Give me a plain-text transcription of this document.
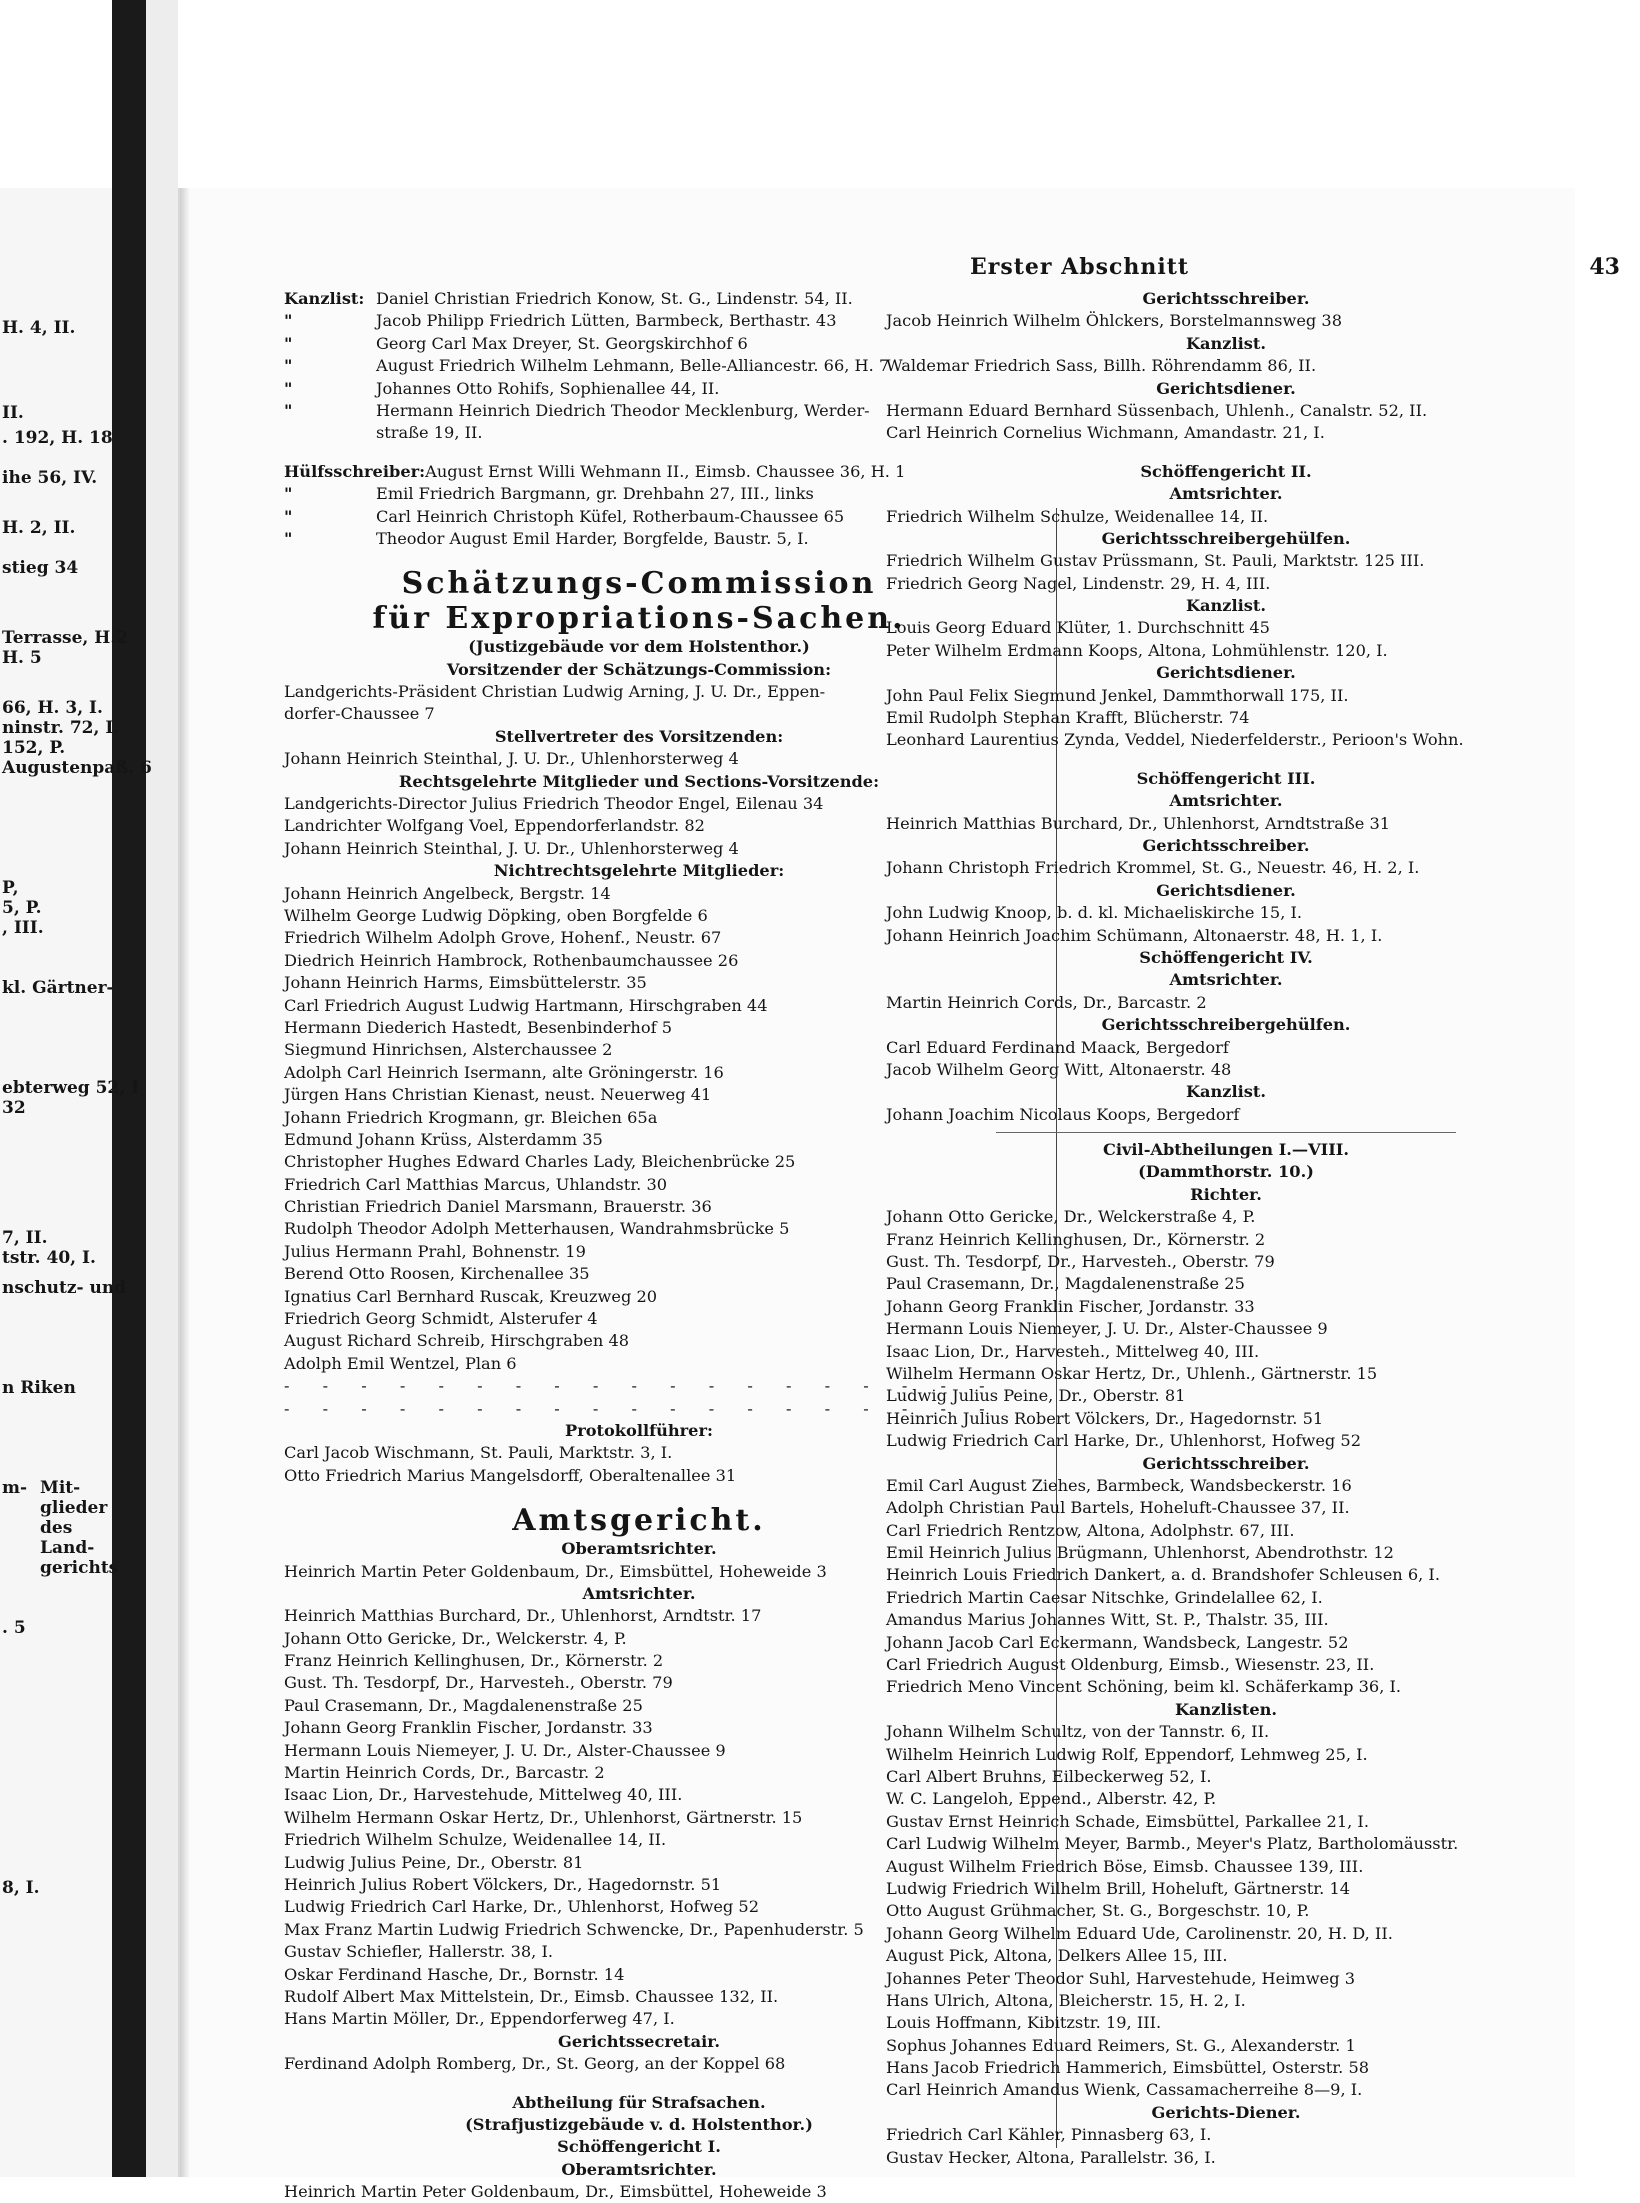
H. 4, II.
II.
. 192, H. 18
ihe 56, IV.
H. 2, II.
stieg 34
Terrasse, H.2
H. 5
66, H. 3, I.
ninstr. 72, I.
152, P.
Augustenpaß. 6
P,
5, P.
, III.
kl. Gärtner-
ebterweg 52, I
32
7, II.
tstr. 40, I.
nschutz- und
n Riken
m- Mit-
glieder
des
Land-
gerichts
. 5
8, I.
Erster Abschnitt	43
Kanzlist: Daniel Christian Friedrich Konow, St. G., Lindenstr. 54, II.
"	Jacob Philipp Friedrich Lütten, Barmbeck, Berthastr. 43
"	Georg Carl Max Dreyer, St. Georgskirchhof 6
"	August Friedrich Wilhelm Lehmann, Belle-Alliancestr. 66, H. 7
"	Johannes Otto Rohifs, Sophienallee 44, II.
"	Hermann Heinrich Diedrich Theodor Mecklenburg, Werder-
straße 19, II.
Hülfsschreiber:August Ernst Willi Wehmann II., Eimsb. Chaussee 36, H. 1
"	Emil Friedrich Bargmann, gr. Drehbahn 27, III., links
"	Carl Heinrich Christoph Küfel, Rotherbaum-Chaussee 65
"	Theodor August Emil Harder, Borgfelde, Baustr. 5, I.
Schätzungs-Commission
für Expropriations-Sachen.
(Justizgebäude vor dem Holstenthor.)
Vorsitzender der Schätzungs-Commission:
Landgerichts-Präsident Christian Ludwig Arning, J. U. Dr., Eppen-
dorfer-Chaussee 7
Stellvertreter des Vorsitzenden:
Johann Heinrich Steinthal, J. U. Dr., Uhlenhorsterweg 4
Rechtsgelehrte Mitglieder und Sections-Vorsitzende:
Landgerichts-Director Julius Friedrich Theodor Engel, Eilenau 34
Landrichter Wolfgang Voel, Eppendorferlandstr. 82
Johann Heinrich Steinthal, J. U. Dr., Uhlenhorsterweg 4
Nichtrechtsgelehrte Mitglieder:
Johann Heinrich Angelbeck, Bergstr. 14
Wilhelm George Ludwig Döpking, oben Borgfelde 6
Friedrich Wilhelm Adolph Grove, Hohenf., Neustr. 67
Diedrich Heinrich Hambrock, Rothenbaumchaussee 26
Johann Heinrich Harms, Eimsbüttelerstr. 35
Carl Friedrich August Ludwig Hartmann, Hirschgraben 44
Hermann Diederich Hastedt, Besenbinderhof 5
Siegmund Hinrichsen, Alsterchaussee 2
Adolph Carl Heinrich Isermann, alte Gröningerstr. 16
Jürgen Hans Christian Kienast, neust. Neuerweg 41
Johann Friedrich Krogmann, gr. Bleichen 65a
Edmund Johann Krüss, Alsterdamm 35
Christopher Hughes Edward Charles Lady, Bleichenbrücke 25
Friedrich Carl Matthias Marcus, Uhlandstr. 30
Christian Friedrich Daniel Marsmann, Brauerstr. 36
Rudolph Theodor Adolph Metterhausen, Wandrahmsbrücke 5
Julius Hermann Prahl, Bohnenstr. 19
Berend Otto Roosen, Kirchenallee 35
Ignatius Carl Bernhard Ruscak, Kreuzweg 20
Friedrich Georg Schmidt, Alsterufer 4
August Richard Schreib, Hirschgraben 48
Adolph Emil Wentzel, Plan 6
- - - - - - - - - - - - - - - - - - -
- - - - - - - - - - - - - - - - - - -
Protokollführer:
Carl Jacob Wischmann, St. Pauli, Marktstr. 3, I.
Otto Friedrich Marius Mangelsdorff, Oberaltenallee 31
Amtsgericht.
Oberamtsrichter.
Heinrich Martin Peter Goldenbaum, Dr., Eimsbüttel, Hoheweide 3
Amtsrichter.
Heinrich Matthias Burchard, Dr., Uhlenhorst, Arndtstr. 17
Johann Otto Gericke, Dr., Welckerstr. 4, P.
Franz Heinrich Kellinghusen, Dr., Körnerstr. 2
Gust. Th. Tesdorpf, Dr., Harvesteh., Oberstr. 79
Paul Crasemann, Dr., Magdalenenstraße 25
Johann Georg Franklin Fischer, Jordanstr. 33
Hermann Louis Niemeyer, J. U. Dr., Alster-Chaussee 9
Martin Heinrich Cords, Dr., Barcastr. 2
Isaac Lion, Dr., Harvestehude, Mittelweg 40, III.
Wilhelm Hermann Oskar Hertz, Dr., Uhlenhorst, Gärtnerstr. 15
Friedrich Wilhelm Schulze, Weidenallee 14, II.
Ludwig Julius Peine, Dr., Oberstr. 81
Heinrich Julius Robert Völckers, Dr., Hagedornstr. 51
Ludwig Friedrich Carl Harke, Dr., Uhlenhorst, Hofweg 52
Max Franz Martin Ludwig Friedrich Schwencke, Dr., Papenhuderstr. 5
Gustav Schiefler, Hallerstr. 38, I.
Oskar Ferdinand Hasche, Dr., Bornstr. 14
Rudolf Albert Max Mittelstein, Dr., Eimsb. Chaussee 132, II.
Hans Martin Möller, Dr., Eppendorferweg 47, I.
Gerichtssecretair.
Ferdinand Adolph Romberg, Dr., St. Georg, an der Koppel 68
Abtheilung für Strafsachen.
(Strafjustizgebäude v. d. Holstenthor.)
Schöffengericht I.
Oberamtsrichter.
Heinrich Martin Peter Goldenbaum, Dr., Eimsbüttel, Hoheweide 3
Gerichtsschreiber.
Jacob Heinrich Wilhelm Öhlckers, Borstelmannsweg 38
Kanzlist.
Waldemar Friedrich Sass, Billh. Röhrendamm 86, II.
Gerichtsdiener.
Hermann Eduard Bernhard Süssenbach, Uhlenh., Canalstr. 52, II.
Carl Heinrich Cornelius Wichmann, Amandastr. 21, I.
Schöffengericht II.
Amtsrichter.
Friedrich Wilhelm Schulze, Weidenallee 14, II.
Gerichtsschreibergehülfen.
Friedrich Wilhelm Gustav Prüssmann, St. Pauli, Marktstr. 125 III.
Friedrich Georg Nagel, Lindenstr. 29, H. 4, III.
Kanzlist.
Louis Georg Eduard Klüter, 1. Durchschnitt 45
Peter Wilhelm Erdmann Koops, Altona, Lohmühlenstr. 120, I.
Gerichtsdiener.
John Paul Felix Siegmund Jenkel, Dammthorwall 175, II.
Emil Rudolph Stephan Krafft, Blücherstr. 74
Leonhard Laurentius Zynda, Veddel, Niederfelderstr., Perioon's Wohn.
Schöffengericht III.
Amtsrichter.
Heinrich Matthias Burchard, Dr., Uhlenhorst, Arndtstraße 31
Gerichtsschreiber.
Johann Christoph Friedrich Krommel, St. G., Neuestr. 46, H. 2, I.
Gerichtsdiener.
John Ludwig Knoop, b. d. kl. Michaeliskirche 15, I.
Johann Heinrich Joachim Schümann, Altonaerstr. 48, H. 1, I.
Schöffengericht IV.
Amtsrichter.
Martin Heinrich Cords, Dr., Barcastr. 2
Gerichtsschreibergehülfen.
Carl Eduard Ferdinand Maack, Bergedorf
Jacob Wilhelm Georg Witt, Altonaerstr. 48
Kanzlist.
Johann Joachim Nicolaus Koops, Bergedorf
Civil-Abtheilungen I.—VIII.
(Dammthorstr. 10.)
Richter.
Johann Otto Gericke, Dr., Welckerstraße 4, P.
Franz Heinrich Kellinghusen, Dr., Körnerstr. 2
Gust. Th. Tesdorpf, Dr., Harvesteh., Oberstr. 79
Paul Crasemann, Dr., Magdalenenstraße 25
Johann Georg Franklin Fischer, Jordanstr. 33
Hermann Louis Niemeyer, J. U. Dr., Alster-Chaussee 9
Isaac Lion, Dr., Harvesteh., Mittelweg 40, III.
Wilhelm Hermann Oskar Hertz, Dr., Uhlenh., Gärtnerstr. 15
Ludwig Julius Peine, Dr., Oberstr. 81
Heinrich Julius Robert Völckers, Dr., Hagedornstr. 51
Ludwig Friedrich Carl Harke, Dr., Uhlenhorst, Hofweg 52
Gerichtsschreiber.
Emil Carl August Ziehes, Barmbeck, Wandsbeckerstr. 16
Adolph Christian Paul Bartels, Hoheluft-Chaussee 37, II.
Carl Friedrich Rentzow, Altona, Adolphstr. 67, III.
Emil Heinrich Julius Brügmann, Uhlenhorst, Abendrothstr. 12
Heinrich Louis Friedrich Dankert, a. d. Brandshofer Schleusen 6, I.
Friedrich Martin Caesar Nitschke, Grindelallee 62, I.
Amandus Marius Johannes Witt, St. P., Thalstr. 35, III.
Johann Jacob Carl Eckermann, Wandsbeck, Langestr. 52
Carl Friedrich August Oldenburg, Eimsb., Wiesenstr. 23, II.
Friedrich Meno Vincent Schöning, beim kl. Schäferkamp 36, I.
Kanzlisten.
Johann Wilhelm Schultz, von der Tannstr. 6, II.
Wilhelm Heinrich Ludwig Rolf, Eppendorf, Lehmweg 25, I.
Carl Albert Bruhns, Eilbeckerweg 52, I.
W. C. Langeloh, Eppend., Alberstr. 42, P.
Gustav Ernst Heinrich Schade, Eimsbüttel, Parkallee 21, I.
Carl Ludwig Wilhelm Meyer, Barmb., Meyer's Platz, Bartholomäusstr.
August Wilhelm Friedrich Böse, Eimsb. Chaussee 139, III.
Ludwig Friedrich Wilhelm Brill, Hoheluft, Gärtnerstr. 14
Otto August Grühmacher, St. G., Borgeschstr. 10, P.
Johann Georg Wilhelm Eduard Ude, Carolinenstr. 20, H. D, II.
August Pick, Altona, Delkers Allee 15, III.
Johannes Peter Theodor Suhl, Harvestehude, Heimweg 3
Hans Ulrich, Altona, Bleicherstr. 15, H. 2, I.
Louis Hoffmann, Kibitzstr. 19, III.
Sophus Johannes Eduard Reimers, St. G., Alexanderstr. 1
Hans Jacob Friedrich Hammerich, Eimsbüttel, Osterstr. 58
Carl Heinrich Amandus Wienk, Cassamacherreihe 8—9, I.
Gerichts-Diener.
Friedrich Carl Kähler, Pinnasberg 63, I.
Gustav Hecker, Altona, Parallelstr. 36, I.
